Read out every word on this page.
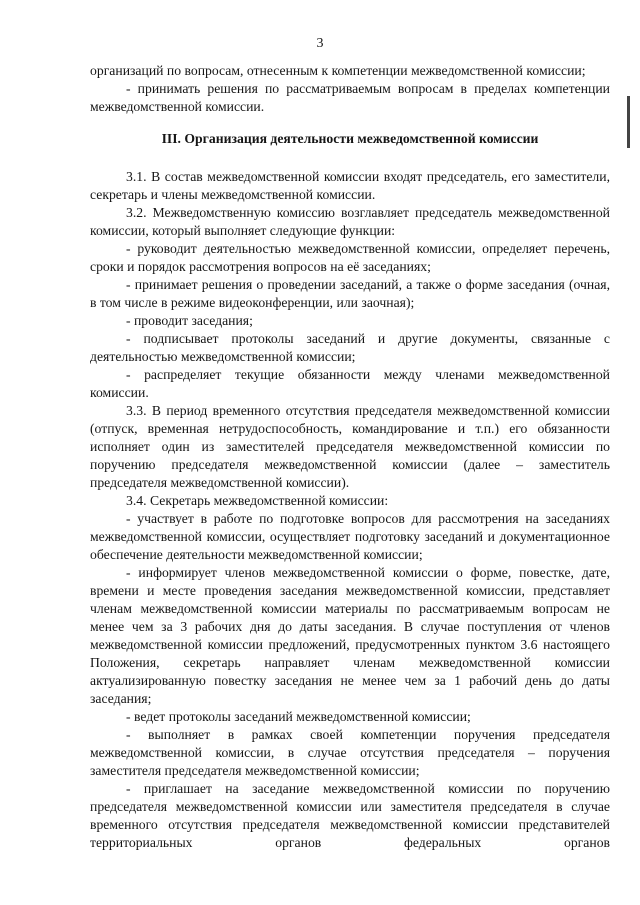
3

организаций по вопросам, отнесенным к компетенции межведомственной комиссии;

- принимать решения по рассматриваемым вопросам в пределах компетенции межведомственной комиссии.

III. Организация деятельности межведомственной комиссии

3.1. В состав межведомственной комиссии входят председатель, его заместители, секретарь и члены межведомственной комиссии.

3.2. Межведомственную комиссию возглавляет председатель межведомственной комиссии, который выполняет следующие функции:

- руководит деятельностью межведомственной комиссии, определяет перечень, сроки и порядок рассмотрения вопросов на её заседаниях;

- принимает решения о проведении заседаний, а также о форме заседания (очная, в том числе в режиме видеоконференции, или заочная);

- проводит заседания;

- подписывает протоколы заседаний и другие документы, связанные с деятельностью межведомственной комиссии;

- распределяет текущие обязанности между членами межведомственной комиссии.

3.3. В период временного отсутствия председателя межведомственной комиссии (отпуск, временная нетрудоспособность, командирование и т.п.) его обязанности исполняет один из заместителей председателя межведомственной комиссии по поручению председателя межведомственной комиссии (далее – заместитель председателя межведомственной комиссии).

3.4. Секретарь межведомственной комиссии:

- участвует в работе по подготовке вопросов для рассмотрения на заседаниях межведомственной комиссии, осуществляет подготовку заседаний и документационное обеспечение деятельности межведомственной комиссии;

- информирует членов межведомственной комиссии о форме, повестке, дате, времени и месте проведения заседания межведомственной комиссии, представляет членам межведомственной комиссии материалы по рассматриваемым вопросам не менее чем за 3 рабочих дня до даты заседания. В случае поступления от членов межведомственной комиссии предложений, предусмотренных пунктом 3.6 настоящего Положения, секретарь направляет членам межведомственной комиссии актуализированную повестку заседания не менее чем за 1 рабочий день до даты заседания;

- ведет протоколы заседаний межведомственной комиссии;

- выполняет в рамках своей компетенции поручения председателя межведомственной комиссии, в случае отсутствия председателя – поручения заместителя председателя межведомственной комиссии;

- приглашает на заседание межведомственной комиссии по поручению председателя межведомственной комиссии или заместителя председателя в случае временного отсутствия председателя межведомственной комиссии представителей территориальных органов федеральных органов
